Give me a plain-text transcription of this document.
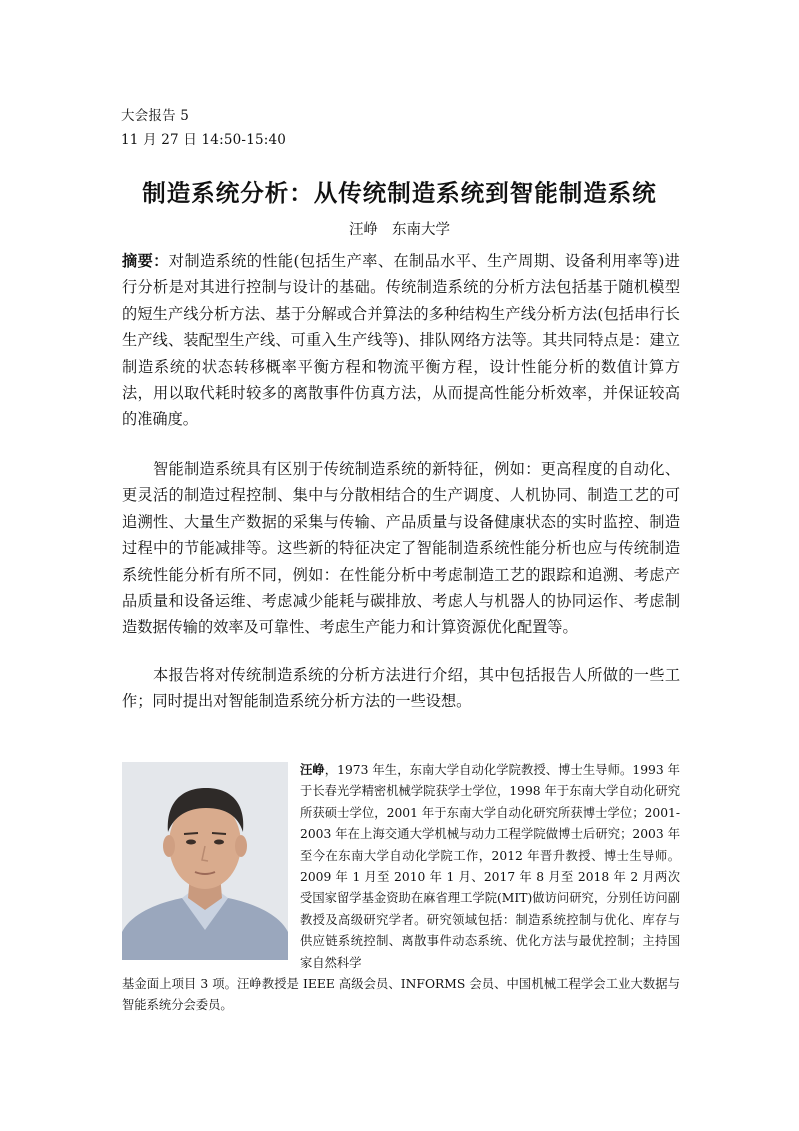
大会报告 5
11 月 27 日 14:50-15:40
制造系统分析：从传统制造系统到智能制造系统
汪峥 东南大学

摘要：对制造系统的性能(包括生产率、在制品水平、生产周期、设备利用率等)进行分析是对其进行控制与设计的基础。传统制造系统的分析方法包括基于随机模型的短生产线分析方法、基于分解或合并算法的多种结构生产线分析方法(包括串行长生产线、装配型生产线、可重入生产线等)、排队网络方法等。其共同特点是：建立制造系统的状态转移概率平衡方程和物流平衡方程，设计性能分析的数值计算方法，用以取代耗时较多的离散事件仿真方法，从而提高性能分析效率，并保证较高的准确度。

智能制造系统具有区别于传统制造系统的新特征，例如：更高程度的自动化、更灵活的制造过程控制、集中与分散相结合的生产调度、人机协同、制造工艺的可追溯性、大量生产数据的采集与传输、产品质量与设备健康状态的实时监控、制造过程中的节能减排等。这些新的特征决定了智能制造系统性能分析也应与传统制造系统性能分析有所不同，例如：在性能分析中考虑制造工艺的跟踪和追溯、考虑产品质量和设备运维、考虑减少能耗与碳排放、考虑人与机器人的协同运作、考虑制造数据传输的效率及可靠性、考虑生产能力和计算资源优化配置等。

本报告将对传统制造系统的分析方法进行介绍，其中包括报告人所做的一些工作；同时提出对智能制造系统分析方法的一些设想。

汪峥，1973 年生，东南大学自动化学院教授、博士生导师。1993 年于长春光学精密机械学院获学士学位，1998 年于东南大学自动化研究所获硕士学位，2001 年于东南大学自动化研究所获博士学位；2001-2003 年在上海交通大学机械与动力工程学院做博士后研究；2003 年至今在东南大学自动化学院工作，2012 年晋升教授、博士生导师。2009 年 1 月至 2010 年 1 月、2017 年 8 月至 2018 年 2 月两次受国家留学基金资助在麻省理工学院(MIT)做访问研究，分别任访问副教授及高级研究学者。研究领域包括：制造系统控制与优化、库存与供应链系统控制、离散事件动态系统、优化方法与最优控制；主持国家自然科学
基金面上项目 3 项。汪峥教授是 IEEE 高级会员、INFORMS 会员、中国机械工程学会工业大数据与智能系统分会委员。
